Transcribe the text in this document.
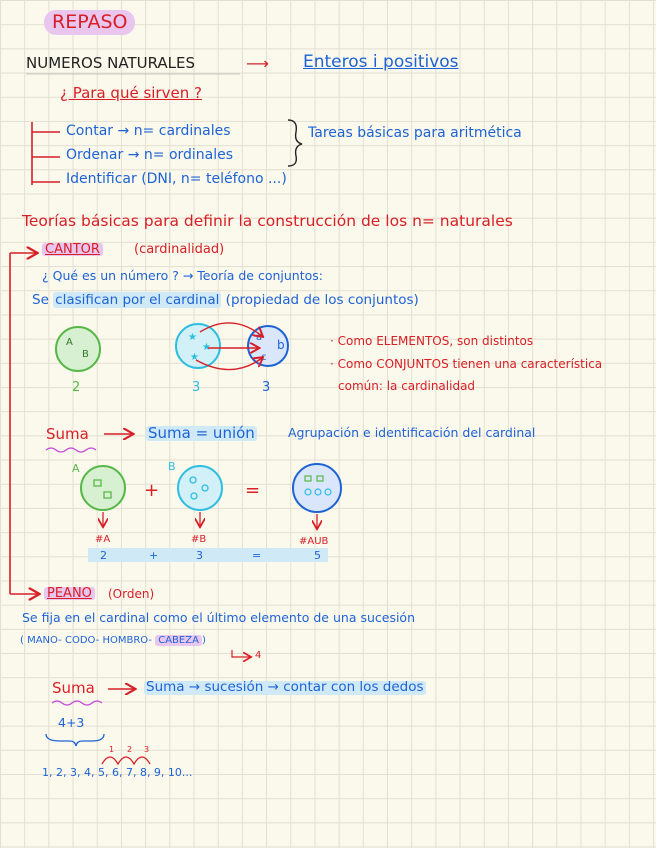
REPASO
NUMEROS NATURALES	⟶ Enteros i positivos
¿ Para qué sirven ?
Contar → n= cardinales
Ordenar → n= ordinales
Identificar (DNI, n= teléfono ...)
Tareas básicas para aritmética
Teorías básicas para definir la construcción de los n= naturales
CANTOR	(cardinalidad)
¿ Qué es un número ? → Teoría de conjuntos:
Se clasifican por el cardinal (propiedad de los conjuntos)
· Como ELEMENTOS, son distintos
· Como CONJUNTOS tienen una característica
común: la cardinalidad
Suma	Suma = unión	Agrupación e identificación del cardinal
PEANO (Orden)
Se fija en el cardinal como el último elemento de una sucesión
( MANO- CODO- HOMBRO- CABEZA )
4
Suma	Suma → sucesión → contar con los dedos
4+3
1 2 3
1, 2, 3, 4, 5, 6, 7, 8, 9, 10...
A
B
★
★
★
a
b
c
2	3	3
A
+
B
=
#A	#B	#AUB
2	+	3	=	5
